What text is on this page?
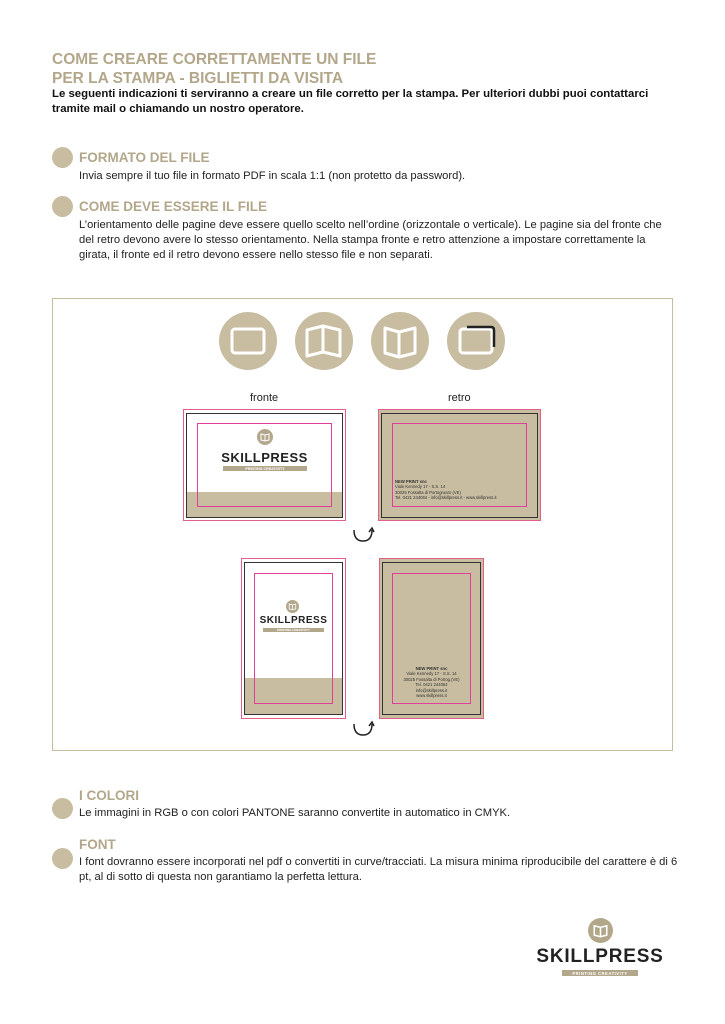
COME CREARE CORRETTAMENTE UN FILE
PER LA STAMPA - BIGLIETTI DA VISITA
Le seguenti indicazioni ti serviranno a creare un file corretto per la stampa. Per ulteriori dubbi puoi contattarci tramite mail o chiamando un nostro operatore.
FORMATO DEL FILE
Invia sempre il tuo file in formato PDF in scala 1:1 (non protetto da password).
COME DEVE ESSERE IL FILE
L’orientamento delle pagine deve essere quello scelto nell’ordine (orizzontale o verticale). Le pagine sia del fronte che del retro devono avere lo stesso orientamento. Nella stampa fronte e retro attenzione a impostare correttamente la girata, il fronte ed il retro devono essere nello stesso file e non separati.
fronte	retro
SKILLPRESS
PRINTING CREATIVITY
NEW PRINT snc
Viale Kennedy 17 - S.S. 14
30025 Fossalta di Portogruaro (VE)
Tel. 0421 244064 - info@skillpress.it - www.skillpress.it
SKILLPRESS
PRINTING CREATIVITY
NEW PRINT snc
Viale Kennedy 17 - S.S. 14
30025 Fossalta di Portog.(VE)
Tel. 0421 244064
info@skillpress.it
www.skillpress.it
I COLORI
Le immagini in RGB o con colori PANTONE saranno convertite in automatico in CMYK.
FONT
I font dovranno essere incorporati nel pdf o convertiti in curve/tracciati. La misura minima riproducibile del carattere è di 6 pt, al di sotto di questa non garantiamo la perfetta lettura.
SKILLPRESS
PRINTING CREATIVITY
